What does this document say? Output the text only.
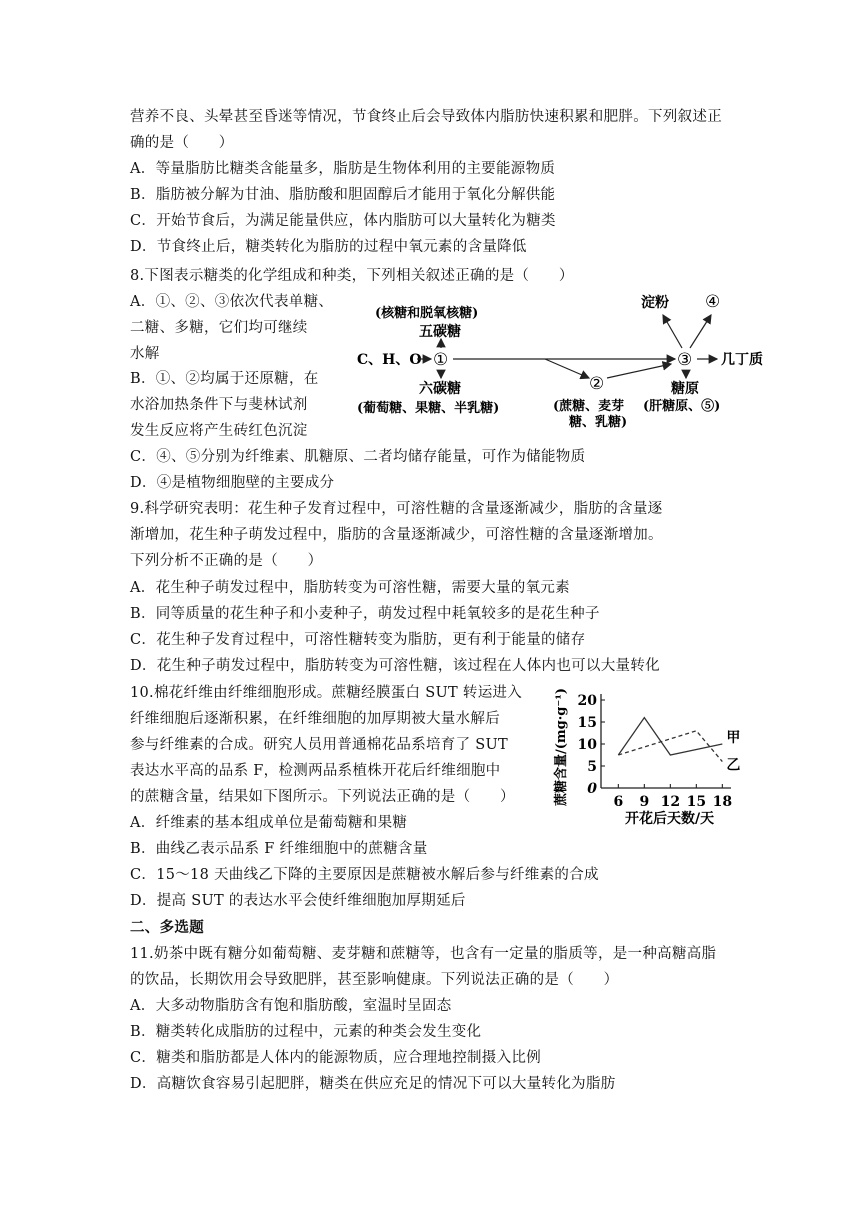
营养不良、头晕甚至昏迷等情况，节食终止后会导致体内脂肪快速积累和肥胖。下列叙述正
确的是（　　）
A．等量脂肪比糖类含能量多，脂肪是生物体利用的主要能源物质
B．脂肪被分解为甘油、脂肪酸和胆固醇后才能用于氧化分解供能
C．开始节食后，为满足能量供应，体内脂肪可以大量转化为糖类
D．节食终止后，糖类转化为脂肪的过程中氧元素的含量降低
8.下图表示糖类的化学组成和种类，下列相关叙述正确的是（　　）
A．①、②、③依次代表单糖、
二糖、多糖，它们均可继续
水解
B．①、②均属于还原糖，在
水浴加热条件下与斐林试剂
发生反应将产生砖红色沉淀
C．④、⑤分别为纤维素、肌糖原、二者均储存能量，可作为储能物质
D．④是植物细胞壁的主要成分
C、H、O ①
五碳糖
(核糖和脱氧核糖)
六碳糖
(葡萄糖、果糖、半乳糖)
②
(蔗糖、麦芽
糖、乳糖)
③ 几丁质
淀粉 ④
糖原
(肝糖原、⑤)
9.科学研究表明：花生种子发育过程中，可溶性糖的含量逐渐减少，脂肪的含量逐
渐增加，花生种子萌发过程中，脂肪的含量逐渐减少，可溶性糖的含量逐渐增加。
下列分析不正确的是（　　）
A．花生种子萌发过程中，脂肪转变为可溶性糖，需要大量的氧元素
B．同等质量的花生种子和小麦种子，萌发过程中耗氧较多的是花生种子
C．花生种子发育过程中，可溶性糖转变为脂肪，更有利于能量的储存
D．花生种子萌发过程中，脂肪转变为可溶性糖，该过程在人体内也可以大量转化
10.棉花纤维由纤维细胞形成。蔗糖经膜蛋白 SUT 转运进入
纤维细胞后逐渐积累，在纤维细胞的加厚期被大量水解后
参与纤维素的合成。研究人员用普通棉花品系培育了 SUT
表达水平高的品系 F，检测两品系植株开花后纤维细胞中
的蔗糖含量，结果如下图所示。下列说法正确的是（　　）
A．纤维素的基本组成单位是葡萄糖和果糖
B．曲线乙表示品系 F 纤维细胞中的蔗糖含量
C．15～18 天曲线乙下降的主要原因是蔗糖被水解后参与纤维素的合成
D．提高 SUT 的表达水平会使纤维细胞加厚期延后
蔗糖含量/(mg·g⁻¹) 0
5
10
15
20
6 9 12 15 18
甲
乙
开花后天数/天
二、多选题
11.奶茶中既有糖分如葡萄糖、麦芽糖和蔗糖等，也含有一定量的脂质等，是一种高糖高脂
的饮品，长期饮用会导致肥胖，甚至影响健康。下列说法正确的是（　　）
A．大多动物脂肪含有饱和脂肪酸，室温时呈固态
B．糖类转化成脂肪的过程中，元素的种类会发生变化
C．糖类和脂肪都是人体内的能源物质，应合理地控制摄入比例
D．高糖饮食容易引起肥胖，糖类在供应充足的情况下可以大量转化为脂肪
